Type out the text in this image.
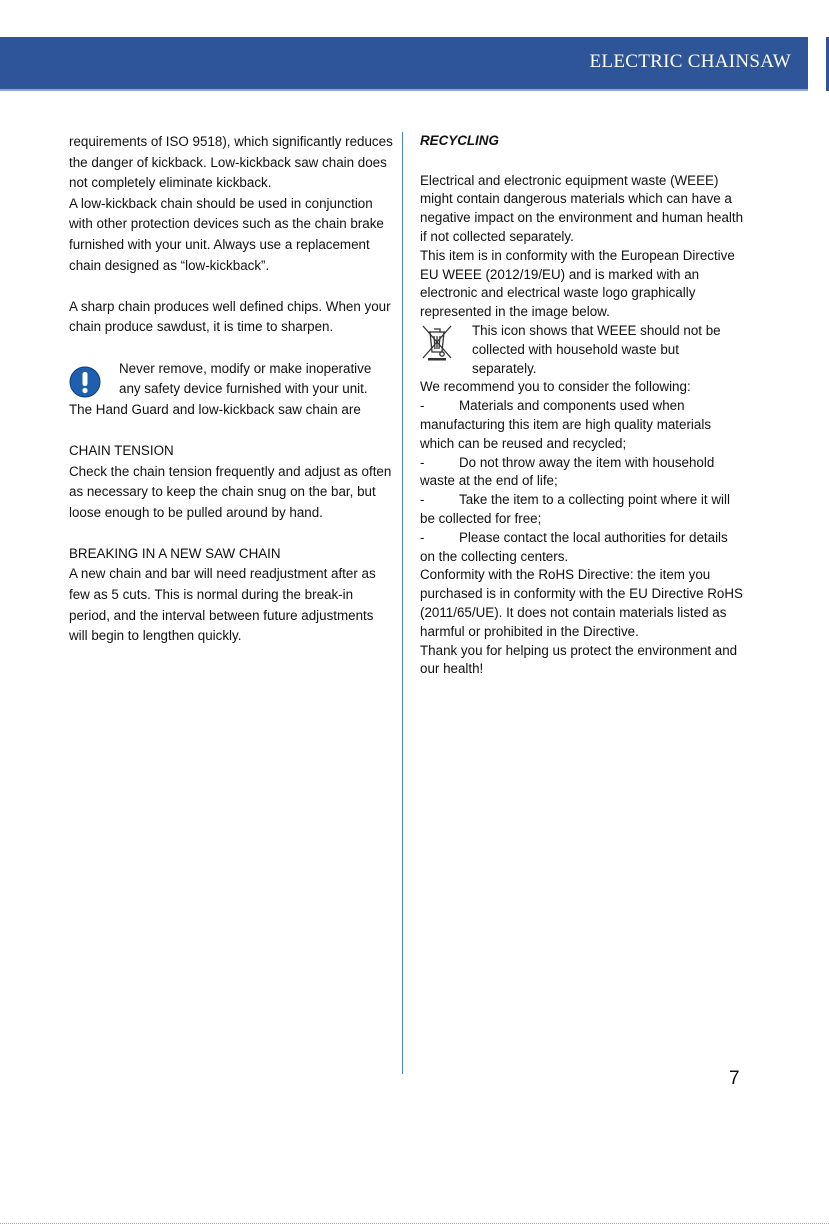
ELECTRIC CHAINSAW

requirements of ISO 9518), which significantly reduces the danger of kickback. Low-kickback saw chain does not completely eliminate kickback.

A low-kickback chain should be used in conjunction with other protection devices such as the chain brake furnished with your unit. Always use a replacement chain designed as “low-kickback”.

A sharp chain produces well defined chips. When your chain produce sawdust, it is time to sharpen.

Never remove, modify or make inoperative any safety device furnished with your unit.

The Hand Guard and low-kickback saw chain are

CHAIN TENSION

Check the chain tension frequently and adjust as often as necessary to keep the chain snug on the bar, but loose enough to be pulled around by hand.

BREAKING IN A NEW SAW CHAIN

A new chain and bar will need readjustment after as few as 5 cuts. This is normal during the break-in period, and the interval between future adjustments will begin to lengthen quickly.

RECYCLING

Electrical and electronic equipment waste (WEEE) might contain dangerous materials which can have a negative impact on the environment and human health if not collected separately.

This item is in conformity with the European Directive EU WEEE (2012/19/EU) and is marked with an electronic and electrical waste logo graphically represented in the image below.

This icon shows that WEEE should not be collected with household waste but separately.

We recommend you to consider the following:

-	Materials and components used when manufacturing this item are high quality materials which can be reused and recycled;

-	Do not throw away the item with household waste at the end of life;

-	Take the item to a collecting point where it will be collected for free;

-	Please contact the local authorities for details on the collecting centers.

Conformity with the RoHS Directive: the item you purchased is in conformity with the EU Directive RoHS (2011/65/UE). It does not contain materials listed as harmful or prohibited in the Directive.

Thank you for helping us protect the environment and our health!

7
